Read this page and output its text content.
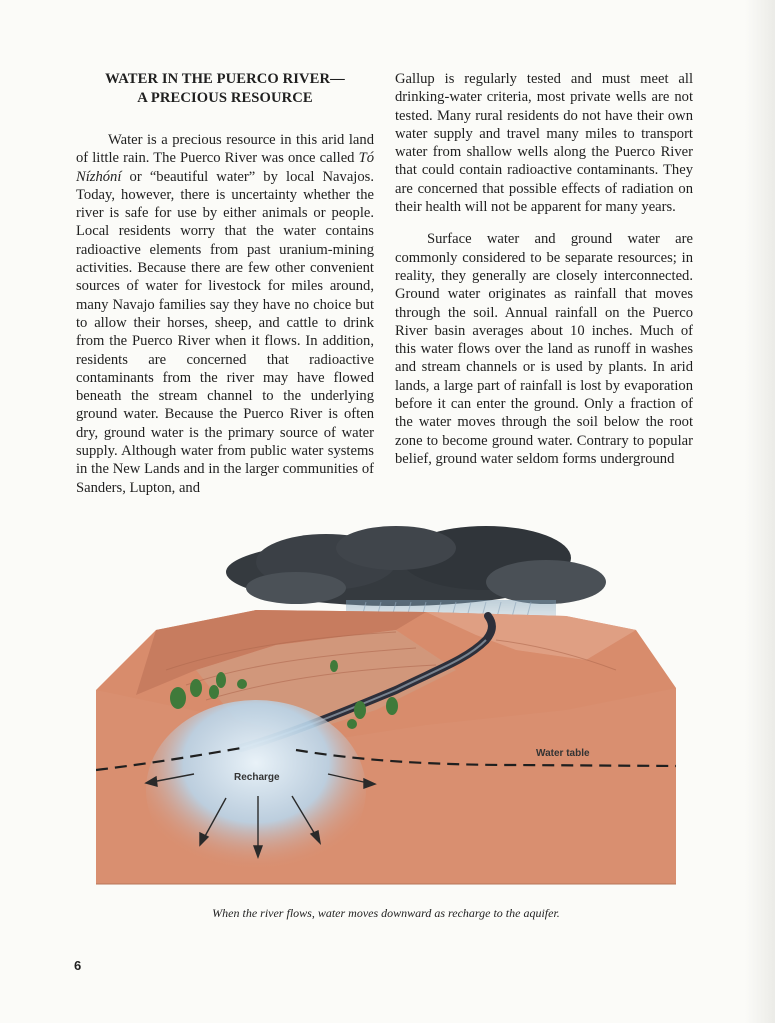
WATER IN THE PUERCO RIVER—
A PRECIOUS RESOURCE

Water is a precious resource in this arid land of little rain. The Puerco River was once called Tó Nízhóní or “beautiful water” by local Navajos. Today, however, there is uncertainty whether the river is safe for use by either animals or people. Local residents worry that the water contains radioactive elements from past uranium-mining activities. Because there are few other convenient sources of water for livestock for miles around, many Navajo families say they have no choice but to allow their horses, sheep, and cattle to drink from the Puerco River when it flows. In addition, residents are concerned that radioactive contaminants from the river may have flowed beneath the stream channel to the underlying ground water. Because the Puerco River is often dry, ground water is the primary source of water supply. Although water from public water systems in the New Lands and in the larger communities of Sanders, Lupton, and

Gallup is regularly tested and must meet all drinking-water criteria, most private wells are not tested. Many rural residents do not have their own water supply and travel many miles to transport water from shallow wells along the Puerco River that could contain radioactive contaminants. They are concerned that possible effects of radiation on their health will not be apparent for many years.

Surface water and ground water are commonly considered to be separate resources; in reality, they generally are closely interconnected. Ground water originates as rainfall that moves through the soil. Annual rainfall on the Puerco River basin averages about 10 inches. Much of this water flows over the land as runoff in washes and stream channels or is used by plants. In arid lands, a large part of rainfall is lost by evaporation before it can enter the ground. Only a fraction of the water moves through the soil below the root zone to become ground water. Contrary to popular belief, ground water seldom forms underground

Water table
Recharge
When the river flows, water moves downward as recharge to the aquifer.
6
